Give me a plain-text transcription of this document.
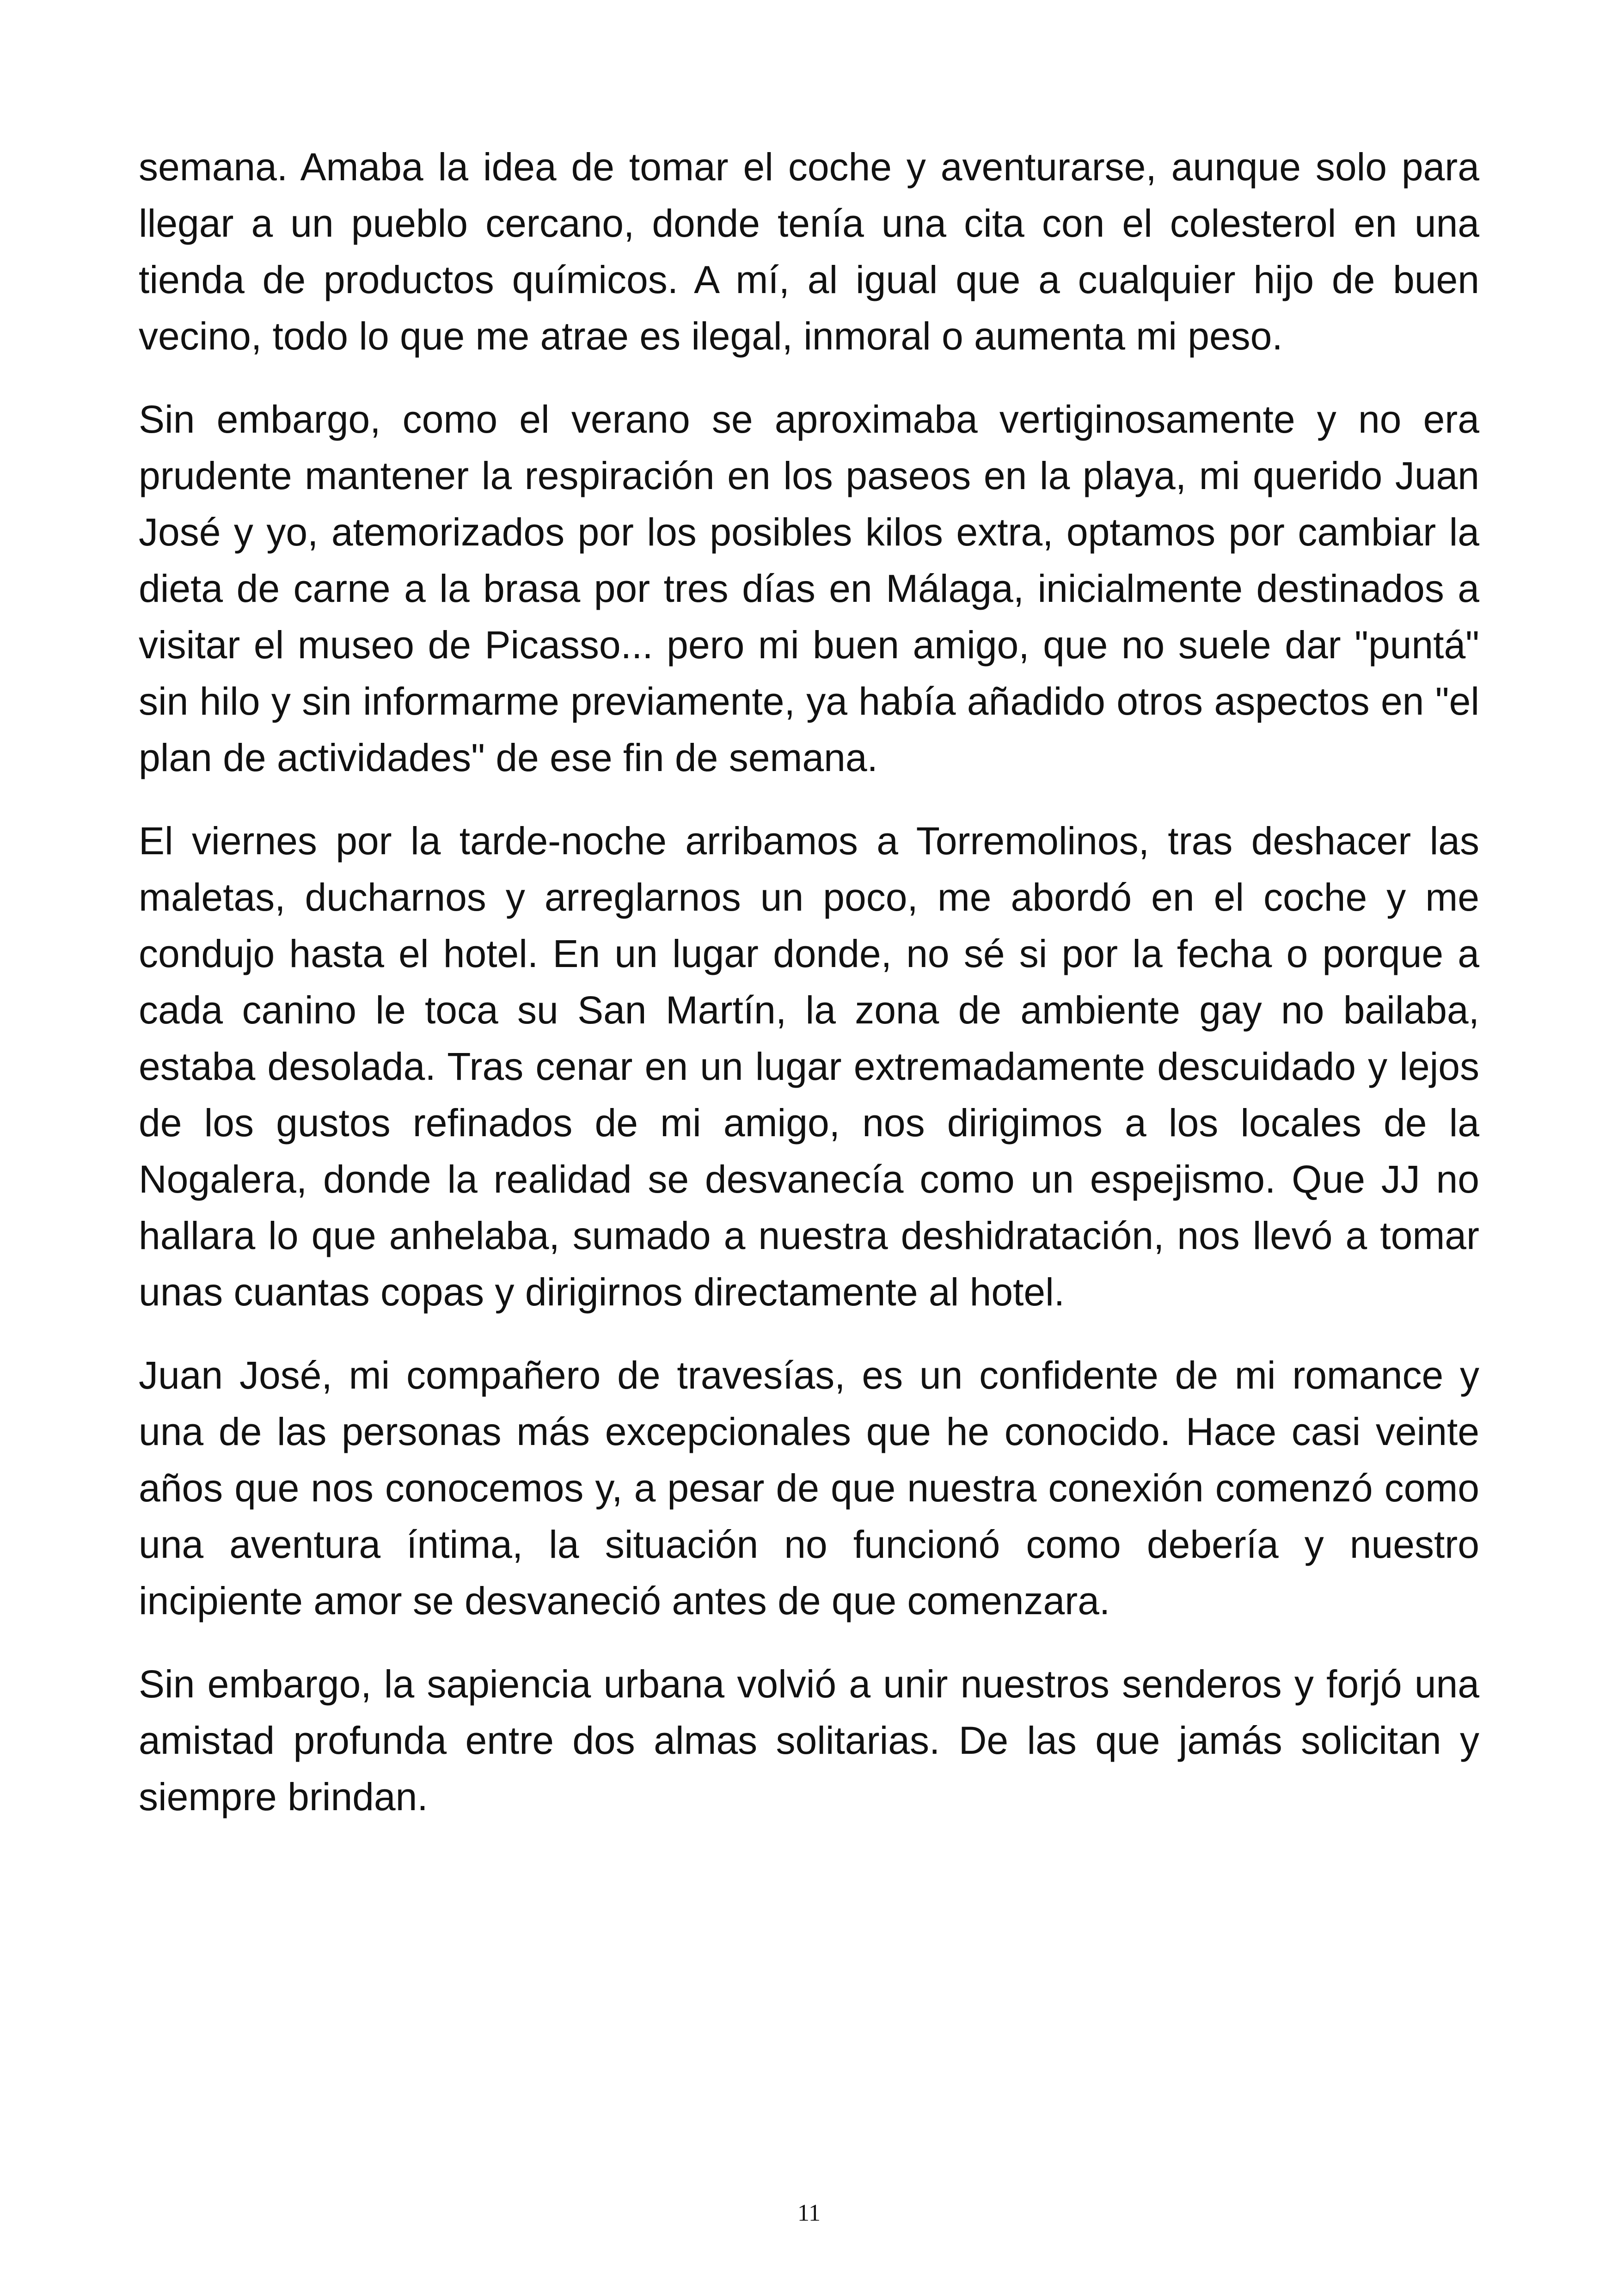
semana. Amaba la idea de tomar el coche y aventurarse, aunque solo para llegar a un pueblo cercano, donde tenía una cita con el colesterol en una tienda de productos químicos. A mí, al igual que a cualquier hijo de buen vecino, todo lo que me atrae es ilegal, inmoral o aumenta mi peso.

Sin embargo, como el verano se aproximaba vertiginosamente y no era prudente mantener la respiración en los paseos en la playa, mi querido Juan José y yo, atemorizados por los posibles kilos extra, optamos por cambiar la dieta de carne a la brasa por tres días en Málaga, inicialmente destinados a visitar el museo de Picasso... pero mi buen amigo, que no suele dar "puntá" sin hilo y sin informarme previamente, ya había añadido otros aspectos en "el plan de actividades" de ese fin de semana.

El viernes por la tarde-noche arribamos a Torremolinos, tras deshacer las maletas, ducharnos y arreglarnos un poco, me abordó en el coche y me condujo hasta el hotel. En un lugar donde, no sé si por la fecha o porque a cada canino le toca su San Martín, la zona de ambiente gay no bailaba, estaba desolada. Tras cenar en un lugar extremadamente descuidado y lejos de los gustos refinados de mi amigo, nos dirigimos a los locales de la Nogalera, donde la realidad se desvanecía como un espejismo. Que JJ no hallara lo que anhelaba, sumado a nuestra deshidratación, nos llevó a tomar unas cuantas copas y dirigirnos directamente al hotel.

Juan José, mi compañero de travesías, es un confidente de mi romance y una de las personas más excepcionales que he conocido. Hace casi veinte años que nos conocemos y, a pesar de que nuestra conexión comenzó como una aventura íntima, la situación no funcionó como debería y nuestro incipiente amor se desvaneció antes de que comenzara.

Sin embargo, la sapiencia urbana volvió a unir nuestros senderos y forjó una amistad profunda entre dos almas solitarias. De las que jamás solicitan y siempre brindan.

11
